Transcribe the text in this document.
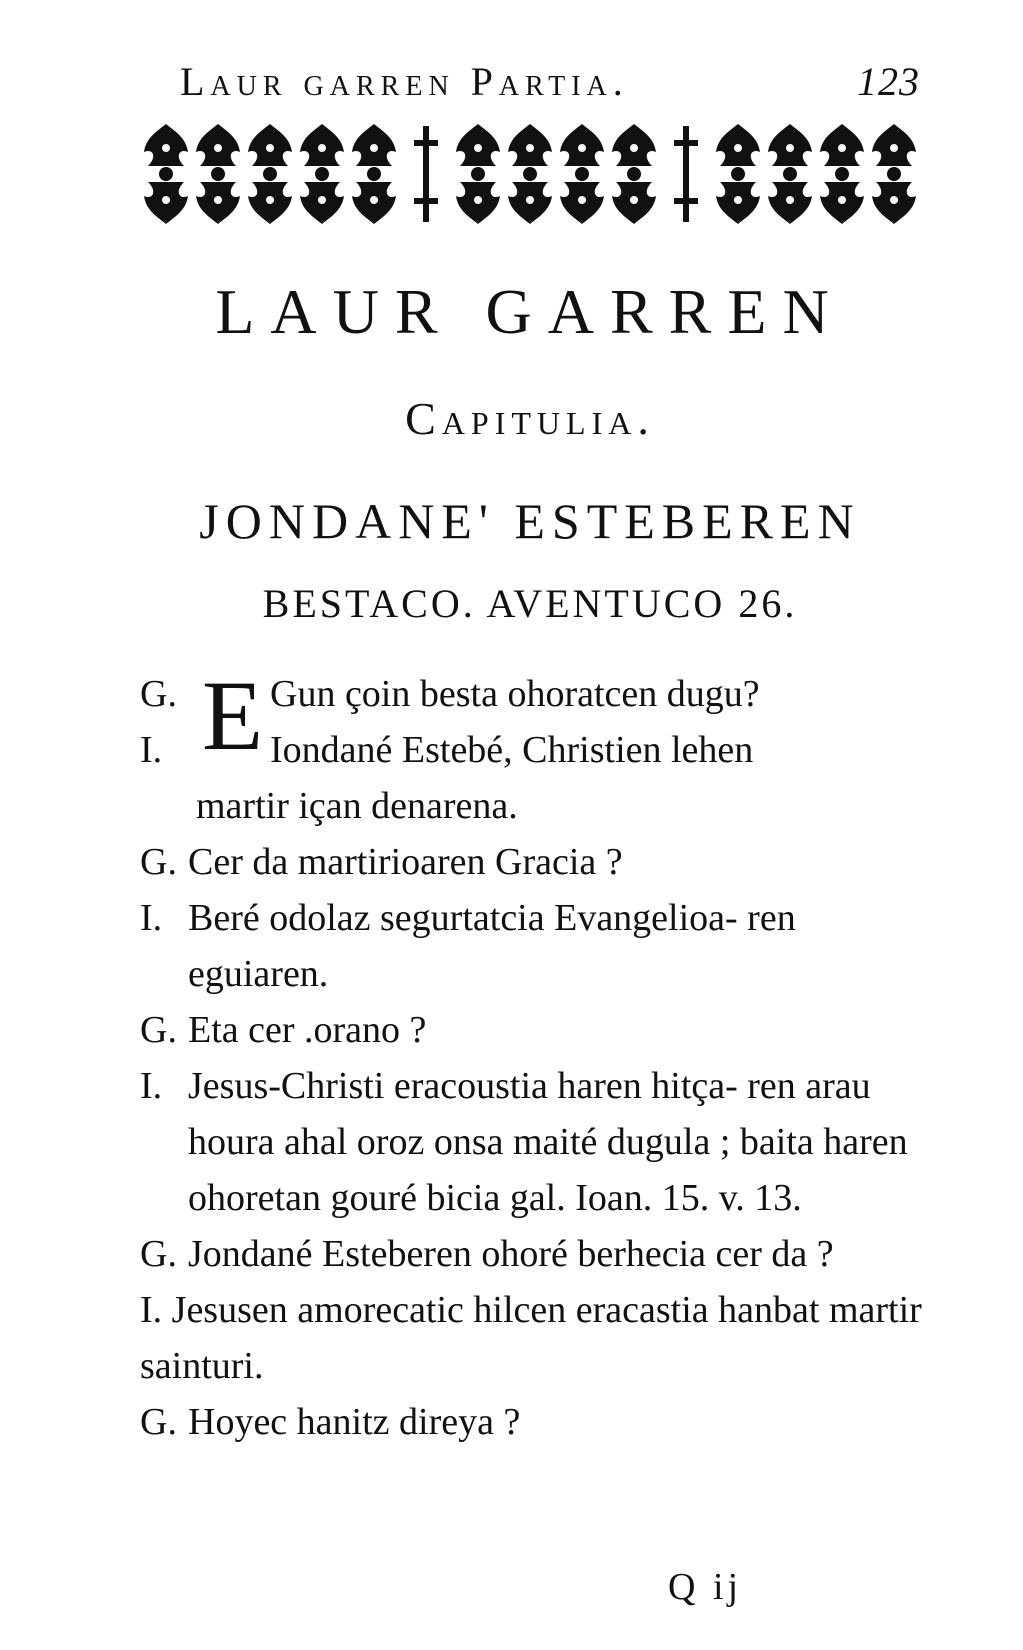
Laur garren Partia.	123
LAUR GARREN
Capitulia.
JONDANE' ESTEBEREN
BESTACO. AVENTUCO 26.
E
G. Gun çoin besta ohoratcen dugu?
I.	Iondané Estebé, Christien lehen
martir içan denarena.
G. Cer da martirioaren Gracia ?
I. Beré odolaz segurtatcia Evangelioa- ren eguiaren.
G. Eta cer .orano ?
I. Jesus-Christi eracoustia haren hitça- ren arau houra ahal oroz onsa maité dugula ; baita haren ohoretan gouré bicia gal. Ioan. 15. v. 13.
G. Jondané Esteberen ohoré berhecia cer da ?
I. Jesusen amorecatic hilcen eracastia hanbat martir sainturi.
G. Hoyec hanitz direya ?
Q ij
